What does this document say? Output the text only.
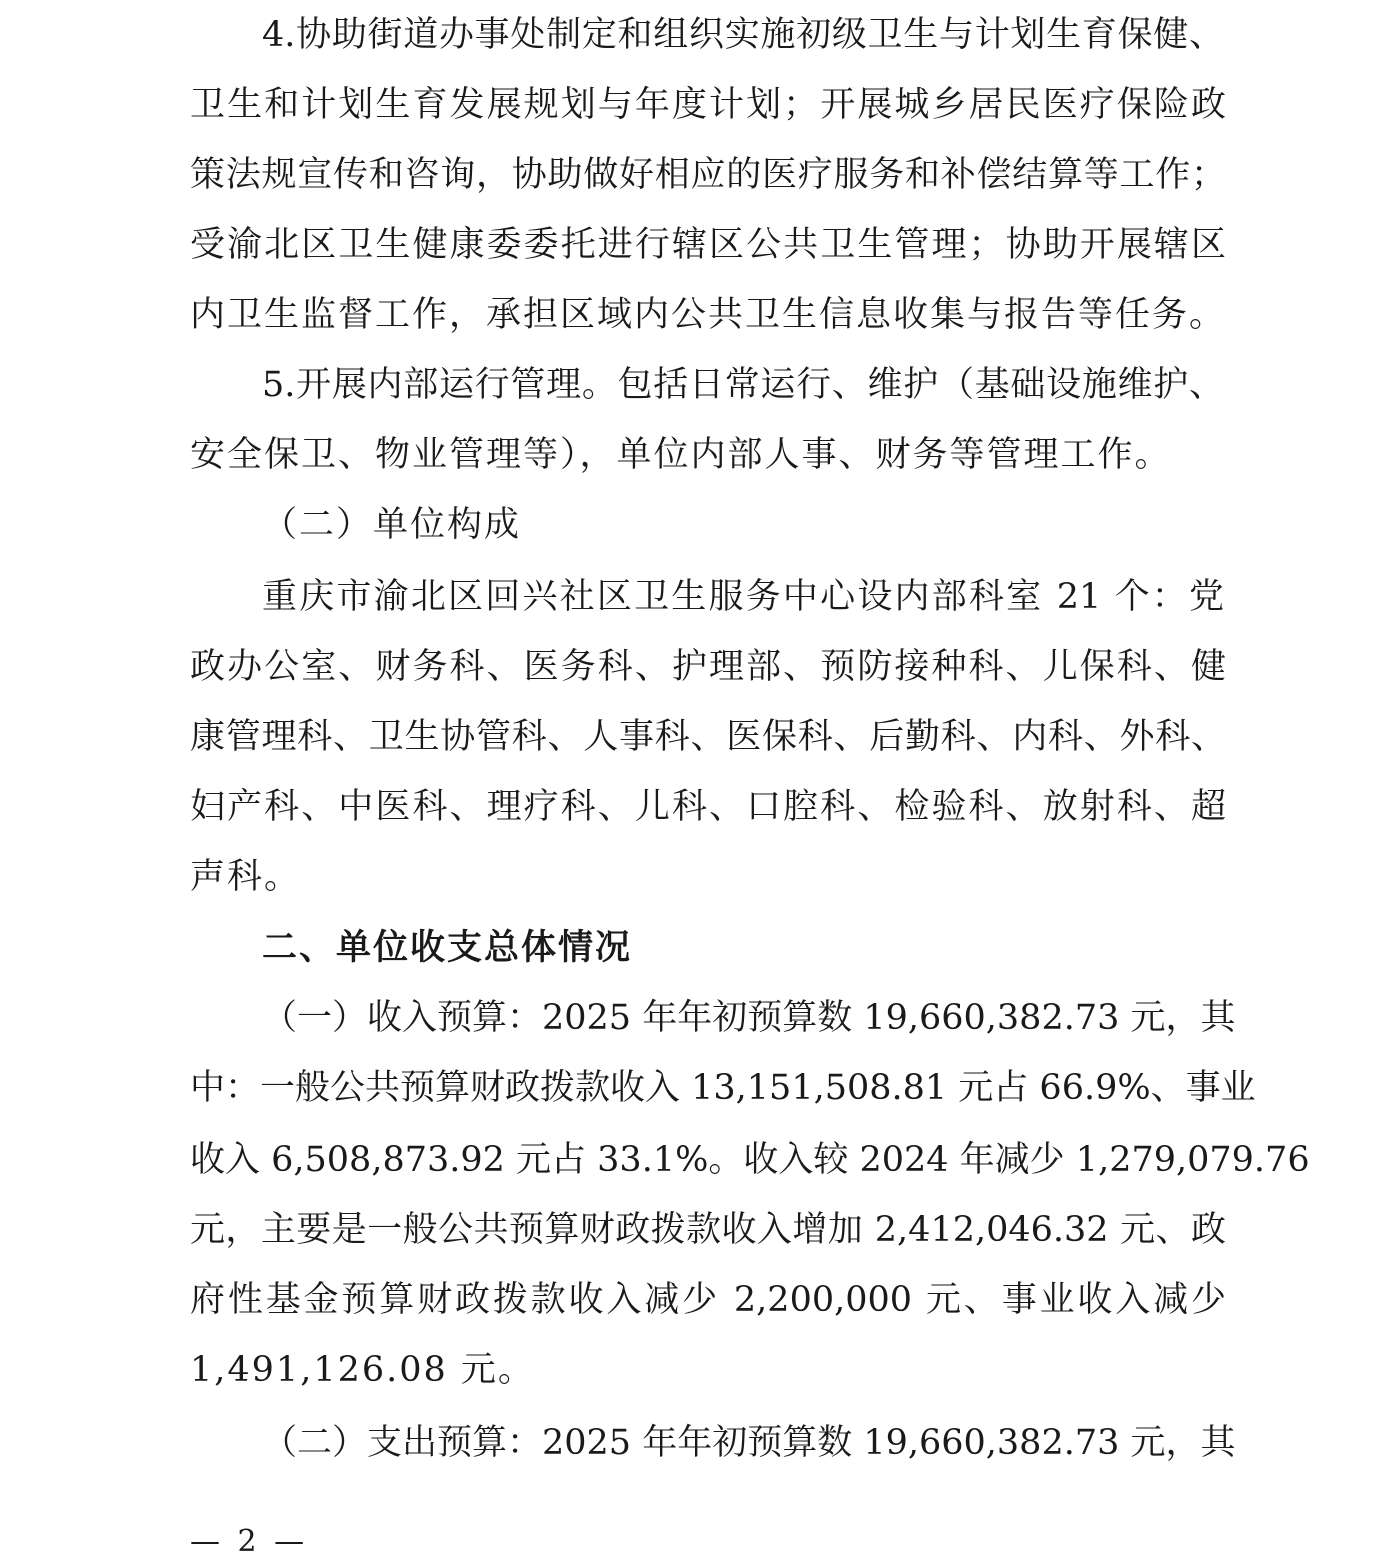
4.协助街道办事处制定和组织实施初级卫生与计划生育保健、
卫生和计划生育发展规划与年度计划；开展城乡居民医疗保险政
策法规宣传和咨询，协助做好相应的医疗服务和补偿结算等工作；
受渝北区卫生健康委委托进行辖区公共卫生管理；协助开展辖区
内卫生监督工作，承担区域内公共卫生信息收集与报告等任务。
5.开展内部运行管理。包括日常运行、维护（基础设施维护、
安全保卫、物业管理等），单位内部人事、财务等管理工作。
（二）单位构成
重庆市渝北区回兴社区卫生服务中心设内部科室 21 个：党
政办公室、财务科、医务科、护理部、预防接种科、儿保科、健
康管理科、卫生协管科、人事科、医保科、后勤科、内科、外科、
妇产科、中医科、理疗科、儿科、口腔科、检验科、放射科、超
声科。
二、单位收支总体情况
（一）收入预算：2025 年年初预算数 19,660,382.73 元，其
中：一般公共预算财政拨款收入 13,151,508.81 元占 66.9%、事业
收入 6,508,873.92 元占 33.1%。收入较 2024 年减少 1,279,079.76
元，主要是一般公共预算财政拨款收入增加 2,412,046.32 元、政
府性基金预算财政拨款收入减少 2,200,000 元、事业收入减少
1,491,126.08 元。
（二）支出预算：2025 年年初预算数 19,660,382.73 元，其
— 2 —
